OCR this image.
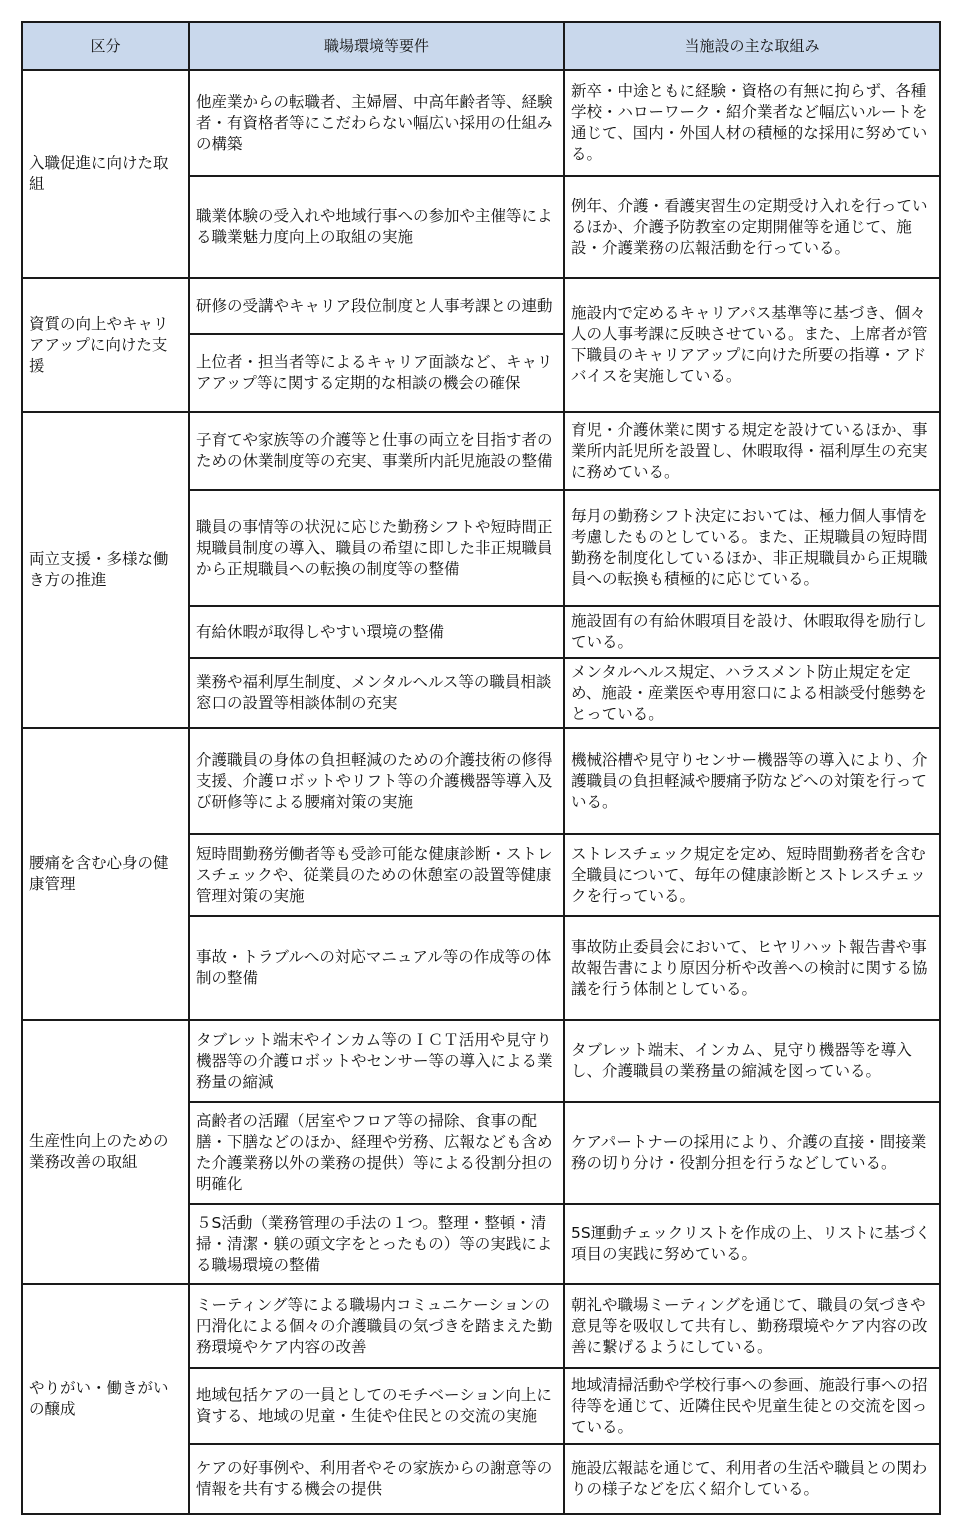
区分	職場環境等要件	当施設の主な取組み
入職促進に向けた取組	他産業からの転職者、主婦層、中高年齢者等、経験者・有資格者等にこだわらない幅広い採用の仕組みの構築	新卒・中途ともに経験・資格の有無に拘らず、各種学校・ハローワーク・紹介業者など幅広いルートを通じて、国内・外国人材の積極的な採用に努めている。
	職業体験の受入れや地域行事への参加や主催等による職業魅力度向上の取組の実施	例年、介護・看護実習生の定期受け入れを行っているほか、介護予防教室の定期開催等を通じて、施設・介護業務の広報活動を行っている。
資質の向上やキャリアアップに向けた支援	研修の受講やキャリア段位制度と人事考課との連動	施設内で定めるキャリアパス基準等に基づき、個々人の人事考課に反映させている。また、上席者が管下職員のキャリアアップに向けた所要の指導・アドバイスを実施している。
	上位者・担当者等によるキャリア面談など、キャリアアップ等に関する定期的な相談の機会の確保	
両立支援・多様な働き方の推進	子育てや家族等の介護等と仕事の両立を目指す者のための休業制度等の充実、事業所内託児施設の整備	育児・介護休業に関する規定を設けているほか、事業所内託児所を設置し、休暇取得・福利厚生の充実に務めている。
	職員の事情等の状況に応じた勤務シフトや短時間正規職員制度の導入、職員の希望に即した非正規職員から正規職員への転換の制度等の整備	毎月の勤務シフト決定においては、極力個人事情を考慮したものとしている。また、正規職員の短時間勤務を制度化しているほか、非正規職員から正規職員への転換も積極的に応じている。
	有給休暇が取得しやすい環境の整備	施設固有の有給休暇項目を設け、休暇取得を励行している。
	業務や福利厚生制度、メンタルヘルス等の職員相談窓口の設置等相談体制の充実	メンタルヘルス規定、ハラスメント防止規定を定め、施設・産業医や専用窓口による相談受付態勢をとっている。
腰痛を含む心身の健康管理	介護職員の身体の負担軽減のための介護技術の修得支援、介護ロボットやリフト等の介護機器等導入及び研修等による腰痛対策の実施	機械浴槽や見守りセンサー機器等の導入により、介護職員の負担軽減や腰痛予防などへの対策を行っている。
	短時間勤務労働者等も受診可能な健康診断・ストレスチェックや、従業員のための休憩室の設置等健康管理対策の実施	ストレスチェック規定を定め、短時間勤務者を含む全職員について、毎年の健康診断とストレスチェックを行っている。
	事故・トラブルへの対応マニュアル等の作成等の体制の整備	事故防止委員会において、ヒヤリハット報告書や事故報告書により原因分析や改善への検討に関する協議を行う体制としている。
生産性向上のための業務改善の取組	タブレット端末やインカム等のＩＣＴ活用や見守り機器等の介護ロボットやセンサー等の導入による業務量の縮減	タブレット端末、インカム、見守り機器等を導入し、介護職員の業務量の縮減を図っている。
	高齢者の活躍（居室やフロア等の掃除、食事の配膳・下膳などのほか、経理や労務、広報なども含めた介護業務以外の業務の提供）等による役割分担の明確化	ケアパートナーの採用により、介護の直接・間接業務の切り分け・役割分担を行うなどしている。
	５S活動（業務管理の手法の１つ。整理・整頓・清掃・清潔・躾の頭文字をとったもの）等の実践による職場環境の整備	5S運動チェックリストを作成の上、リストに基づく項目の実践に努めている。
やりがい・働きがいの醸成	ミーティング等による職場内コミュニケーションの円滑化による個々の介護職員の気づきを踏まえた勤務環境やケア内容の改善	朝礼や職場ミーティングを通じて、職員の気づきや意見等を吸収して共有し、勤務環境やケア内容の改善に繋げるようにしている。
	地域包括ケアの一員としてのモチベーション向上に資する、地域の児童・生徒や住民との交流の実施	地域清掃活動や学校行事への参画、施設行事への招待等を通じて、近隣住民や児童生徒との交流を図っている。
	ケアの好事例や、利用者やその家族からの謝意等の情報を共有する機会の提供	施設広報誌を通じて、利用者の生活や職員との関わりの様子などを広く紹介している。
